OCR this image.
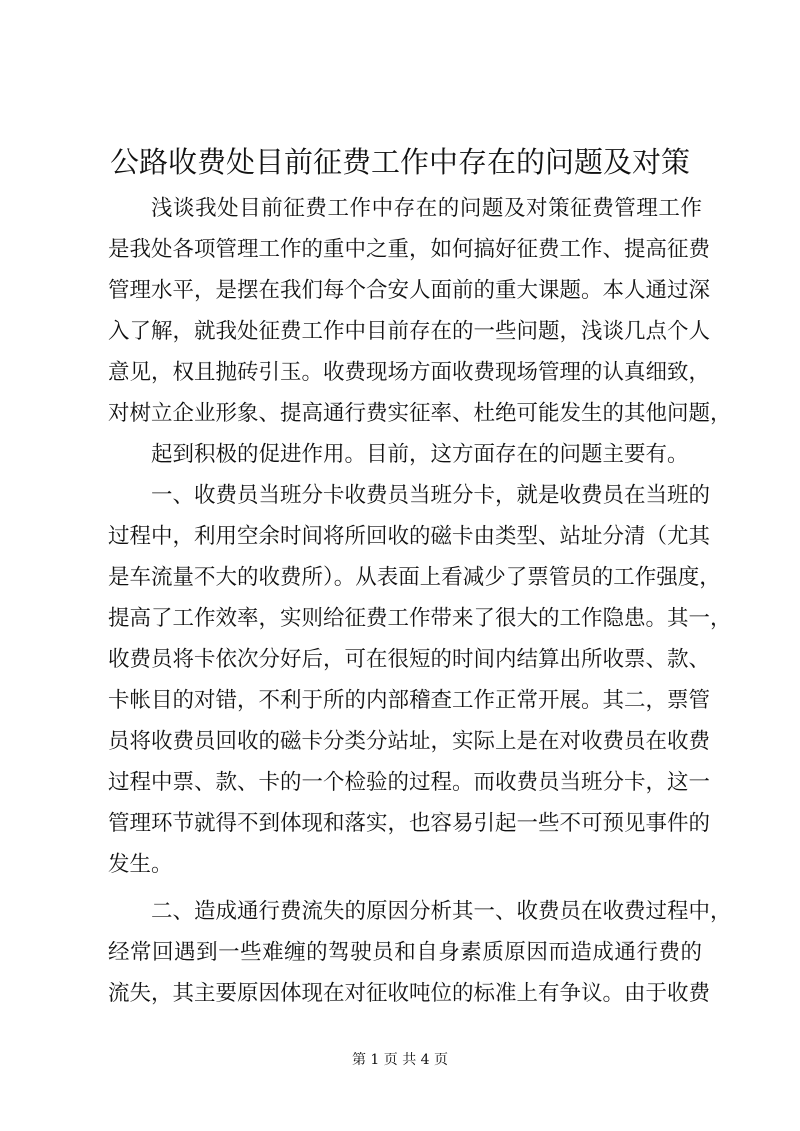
公路收费处目前征费工作中存在的问题及对策
浅谈我处目前征费工作中存在的问题及对策征费管理工作
是我处各项管理工作的重中之重，如何搞好征费工作、提高征费
管理水平，是摆在我们每个合安人面前的重大课题。本人通过深
入了解，就我处征费工作中目前存在的一些问题，浅谈几点个人
意见，权且抛砖引玉。收费现场方面收费现场管理的认真细致，
对树立企业形象、提高通行费实征率、杜绝可能发生的其他问题，
起到积极的促进作用。目前，这方面存在的问题主要有。
一、收费员当班分卡收费员当班分卡，就是收费员在当班的
过程中，利用空余时间将所回收的磁卡由类型、站址分清（尤其
是车流量不大的收费所）。从表面上看减少了票管员的工作强度，
提高了工作效率，实则给征费工作带来了很大的工作隐患。其一，
收费员将卡依次分好后，可在很短的时间内结算出所收票、款、
卡帐目的对错，不利于所的内部稽查工作正常开展。其二，票管
员将收费员回收的磁卡分类分站址，实际上是在对收费员在收费
过程中票、款、卡的一个检验的过程。而收费员当班分卡，这一
管理环节就得不到体现和落实，也容易引起一些不可预见事件的
发生。
二、造成通行费流失的原因分析其一、收费员在收费过程中，
经常回遇到一些难缠的驾驶员和自身素质原因而造成通行费的
流失，其主要原因体现在对征收吨位的标准上有争议。由于收费
第 1 页 共 4 页
